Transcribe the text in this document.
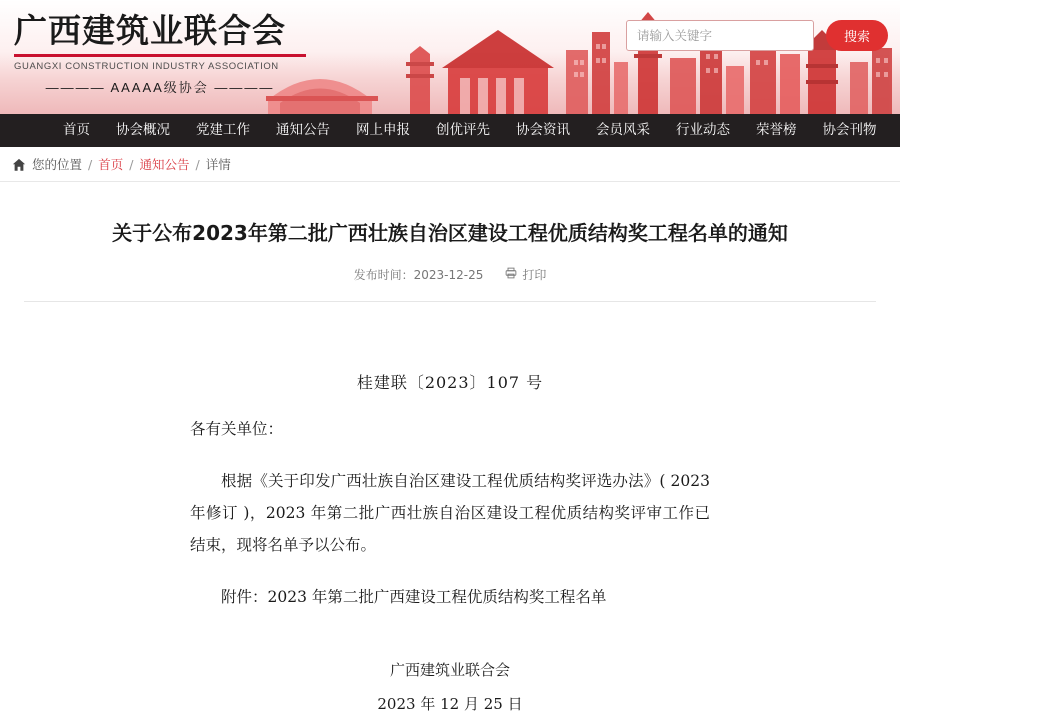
广西建筑业联合会
GUANGXI CONSTRUCTION INDUSTRY ASSOCIATION
———— AAAAA级协会 ————
请输入关键字
搜索
首页	协会概况	党建工作	通知公告	网上申报	创优评先	协会资讯	会员风采	行业动态	荣誉榜	协会刊物	分支机构	联系我们
您的位置 / 首页 / 通知公告 / 详情
关于公布2023年第二批广西壮族自治区建设工程优质结构奖工程名单的通知
发布时间：2023-12-25	打印
桂建联〔2023〕107 号
各有关单位：
根据《关于印发广西壮族自治区建设工程优质结构奖评选办法》( 2023 年修订 )，2023 年第二批广西壮族自治区建设工程优质结构奖评审工作已结束，现将名单予以公布。
附件：2023 年第二批广西建设工程优质结构奖工程名单
广西建筑业联合会
2023 年 12 月 25 日
